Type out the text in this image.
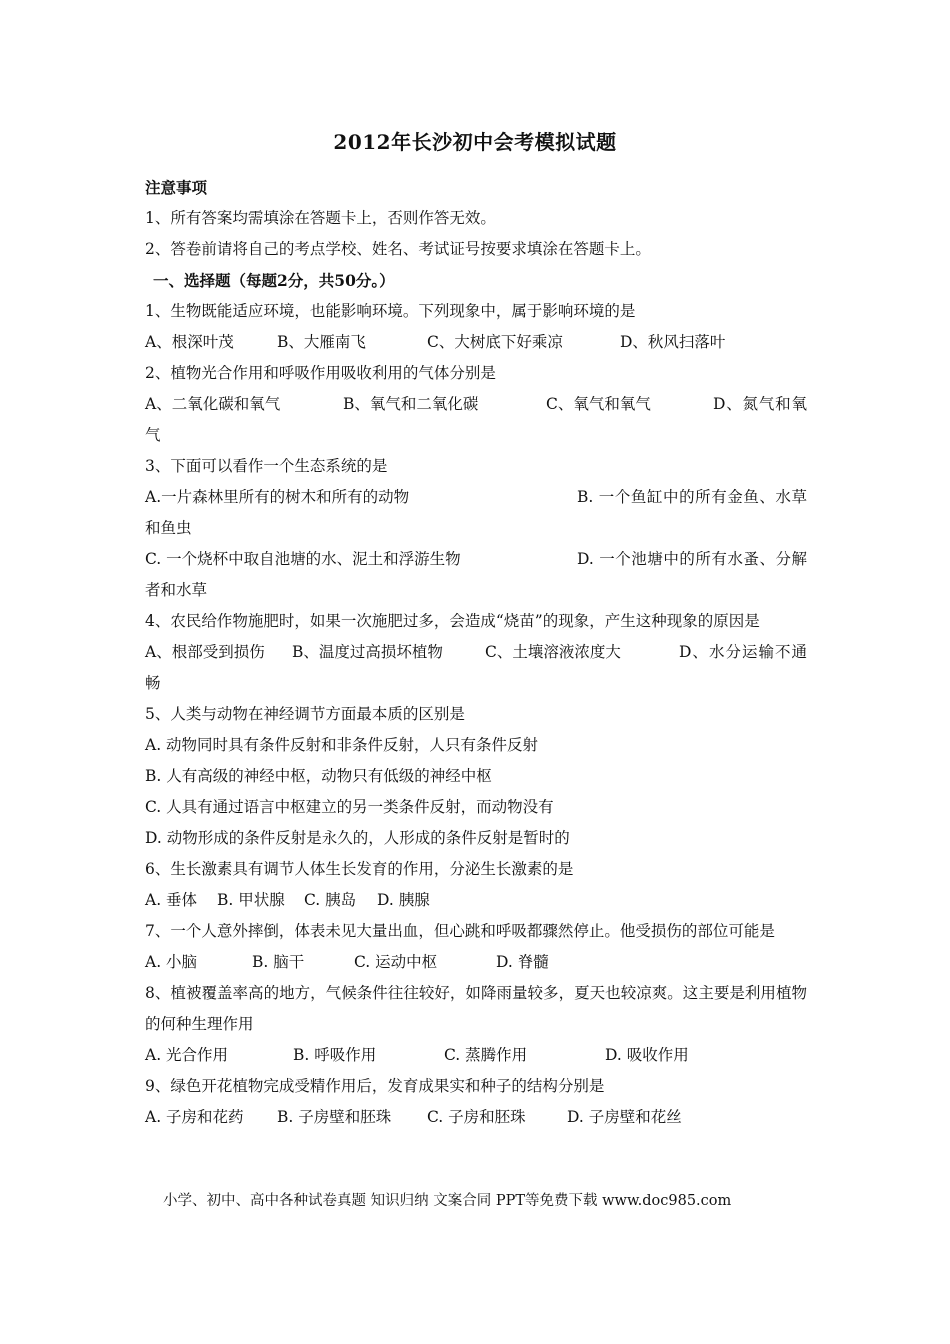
2012年长沙初中会考模拟试题
注意事项
1、所有答案均需填涂在答题卡上，否则作答无效。
2、答卷前请将自己的考点学校、姓名、考试证号按要求填涂在答题卡上。
一、选择题（每题2分，共50分。）
1、生物既能适应环境，也能影响环境。下列现象中，属于影响环境的是
A、根深叶茂	B、大雁南飞	C、大树底下好乘凉	D、秋风扫落叶
2、植物光合作用和呼吸作用吸收利用的气体分别是
A、二氧化碳和氧气	B、氧气和二氧化碳	C、氧气和氧气	D、氮气和氧气
3、下面可以看作一个生态系统的是
A.一片森林里所有的树木和所有的动物	B. 一个鱼缸中的所有金鱼、水草和鱼虫
C. 一个烧杯中取自池塘的水、泥土和浮游生物	D. 一个池塘中的所有水蚤、分解者和水草
4、农民给作物施肥时，如果一次施肥过多，会造成“烧苗”的现象，产生这种现象的原因是
A、根部受到损伤 B、温度过高损坏植物	C、土壤溶液浓度大	D、水分运输不通畅
5、人类与动物在神经调节方面最本质的区别是
A. 动物同时具有条件反射和非条件反射，人只有条件反射
B. 人有高级的神经中枢，动物只有低级的神经中枢
C. 人具有通过语言中枢建立的另一类条件反射，而动物没有
D. 动物形成的条件反射是永久的，人形成的条件反射是暂时的
6、生长激素具有调节人体生长发育的作用，分泌生长激素的是
A. 垂体	B. 甲状腺	C. 胰岛	D. 胰腺
7、一个人意外摔倒，体表未见大量出血，但心跳和呼吸都骤然停止。他受损伤的部位可能是
A. 小脑	B. 脑干	C. 运动中枢	D. 脊髓
8、植被覆盖率高的地方，气候条件往往较好，如降雨量较多，夏天也较凉爽。这主要是利用植物的何种生理作用
A. 光合作用	B. 呼吸作用	C. 蒸腾作用	D. 吸收作用
9、绿色开花植物完成受精作用后，发育成果实和种子的结构分别是
A. 子房和花药	B. 子房壁和胚珠	C. 子房和胚珠	D. 子房壁和花丝
小学、初中、高中各种试卷真题 知识归纳 文案合同 PPT等免费下载 www.doc985.com
